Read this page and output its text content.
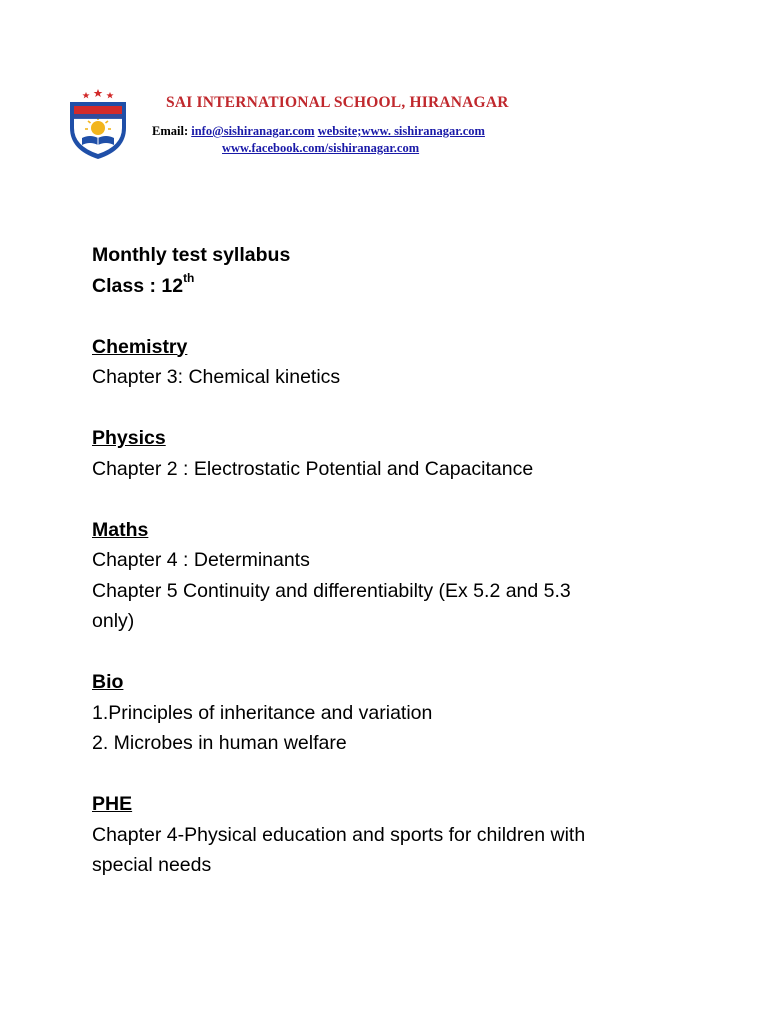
SAI INTERNATIONAL SCHOOL, HIRANAGAR
Email: info@sishiranagar.com website;www. sishiranagar.com
www.facebook.com/sishiranagar.com

Monthly test syllabus

Class : 12th

Chemistry

Chapter 3: Chemical kinetics

Physics

Chapter 2 : Electrostatic Potential and Capacitance

Maths

Chapter 4 : Determinants

Chapter 5 Continuity and differentiabilty (Ex 5.2 and 5.3

only)

Bio

1.Principles of inheritance and variation

2. Microbes in human welfare

PHE

Chapter 4-Physical education and sports for children with

special needs
